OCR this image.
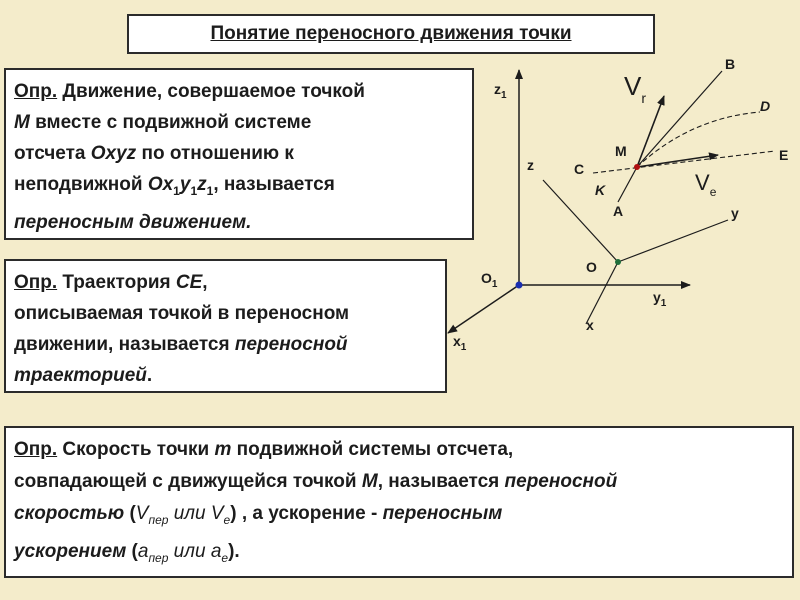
Понятие переносного движения точки
Опр. Движение, совершаемое точкой
М вместе с подвижной системе
отсчета Oxyz по отношению к
неподвижной $Ox_1y_1z_1$, называется
переносным движением.
Опр. Траектория СЕ,
описываемая точкой в переносном
движении, называется переносной
траекторией.
Опр. Скорость точки m подвижной системы отсчета,
совпадающей с движущейся точкой М, называется переносной
скоростью ($V_{пер}$ или $V_e$) , а ускорение - переносным
ускорением ($a_{пер}$ или $a_e$).
$z_1$
z
$O_1$
$x_1$
$y_1$
O
x
y
B
D
E
C
M
K
A
$V_r$
$V_e$
